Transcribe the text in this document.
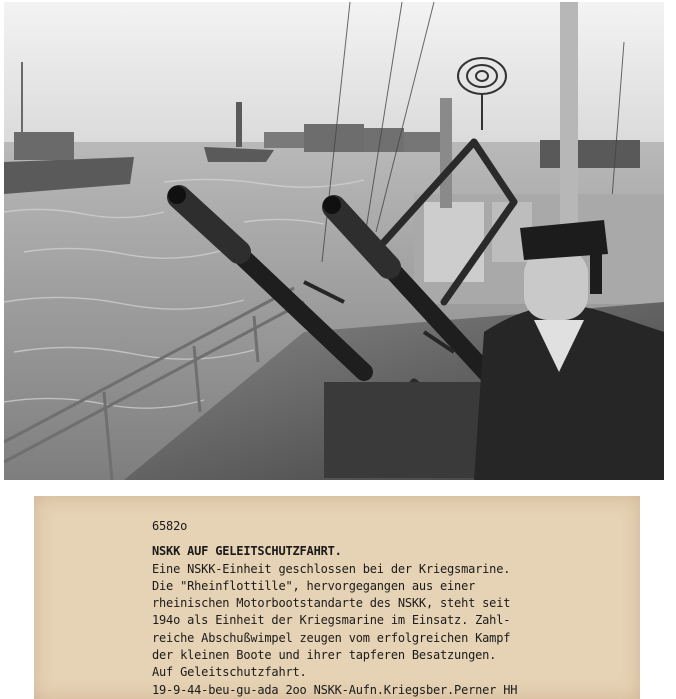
6582o
NSKK AUF GELEITSCHUTZFAHRT.
Eine NSKK-Einheit geschlossen bei der Kriegsmarine.
Die "Rheinflottille", hervorgegangen aus einer
rheinischen Motorbootstandarte des NSKK, steht seit
194o als Einheit der Kriegsmarine im Einsatz. Zahl-
reiche Abschußwimpel zeugen vom erfolgreichen Kampf
der kleinen Boote und ihrer tapferen Besatzungen.
Auf Geleitschutzfahrt.
19-9-44-beu-gu-ada 2oo NSKK-Aufn.Kriegsber.Perner HH
